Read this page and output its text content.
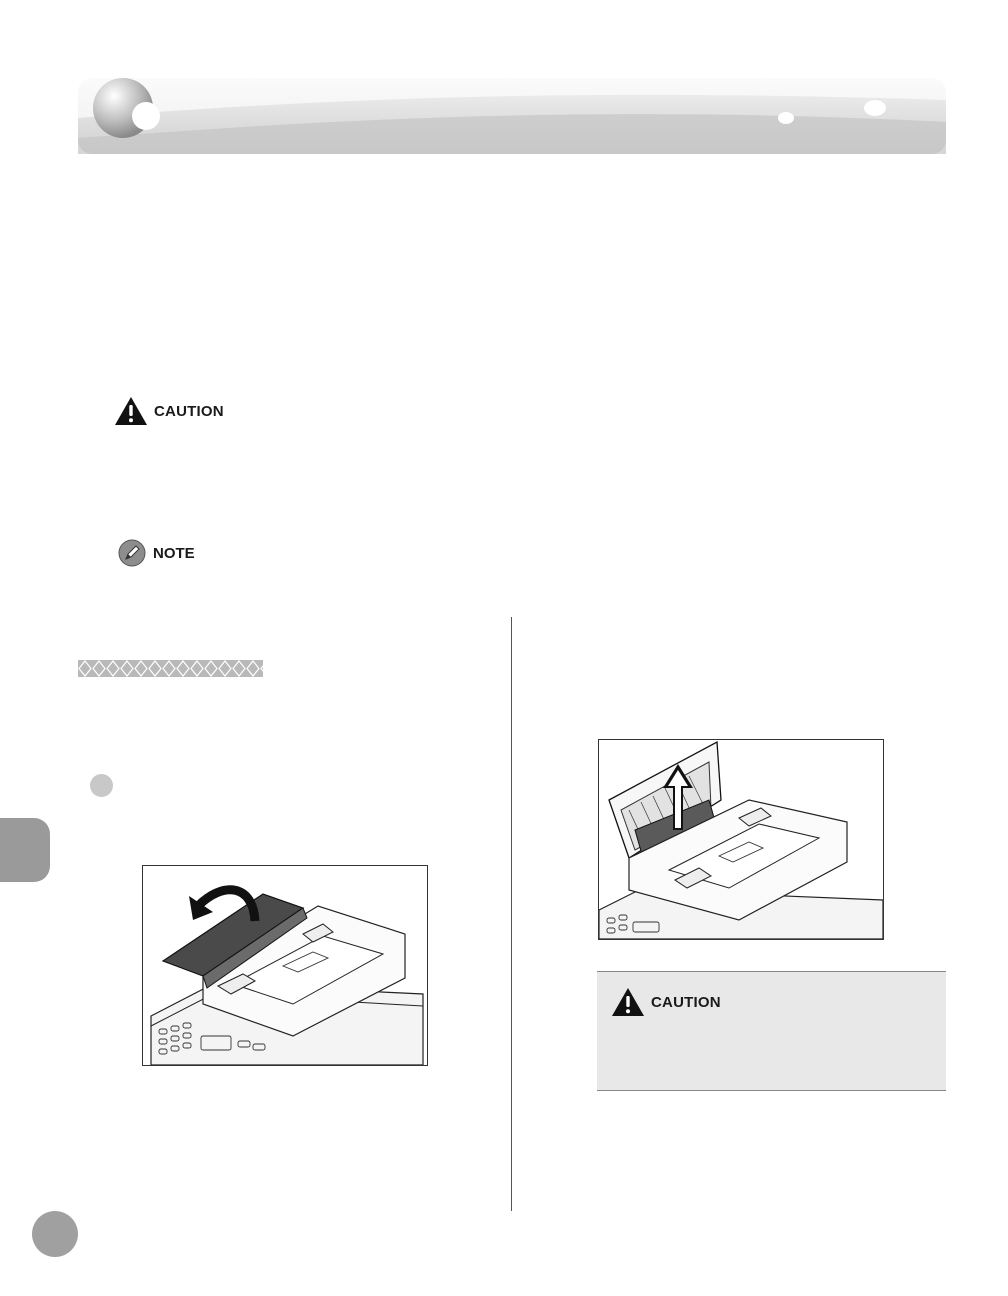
CAUTION
NOTE
CAUTION
